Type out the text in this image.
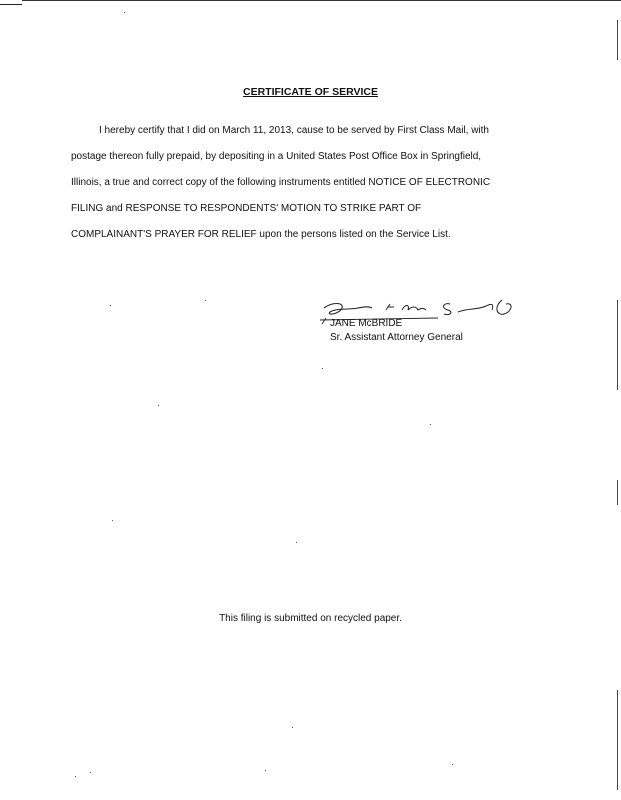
CERTIFICATE OF SERVICE
I hereby certify that I did on March 11, 2013, cause to be served by First Class Mail, with
postage thereon fully prepaid, by depositing in a United States Post Office Box in Springfield,
Illinois, a true and correct copy of the following instruments entitled NOTICE OF ELECTRONIC
FILING and RESPONSE TO RESPONDENTS' MOTION TO STRIKE PART OF
COMPLAINANT'S PRAYER FOR RELIEF upon the persons listed on the Service List.
JANE McBRIDE
Sr. Assistant Attorney General
This filing is submitted on recycled paper.
